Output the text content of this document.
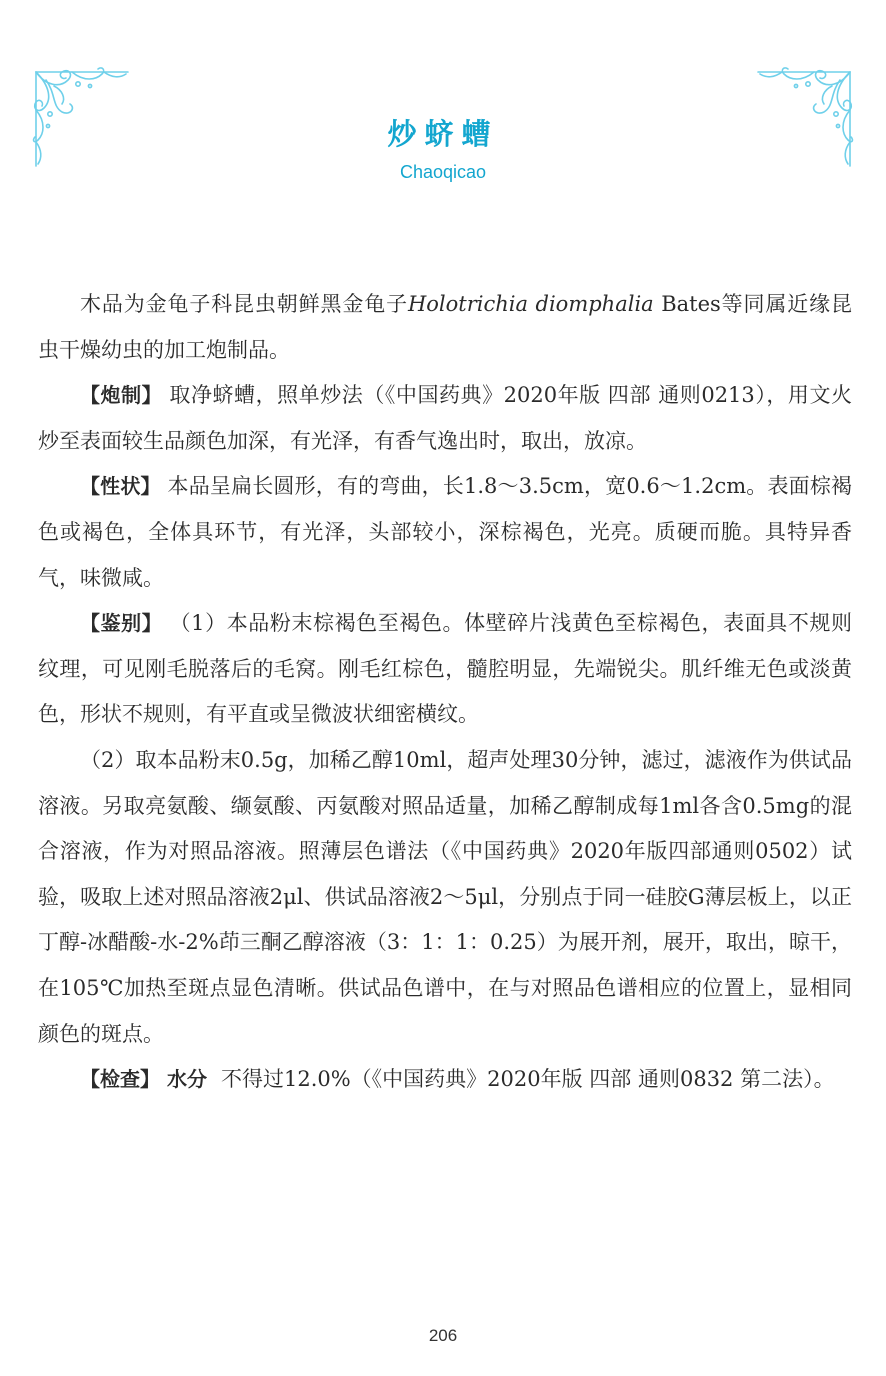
炒蛴螬
Chaoqicao

木品为金龟子科昆虫朝鲜黑金龟子Holotrichia diomphalia Bates等同属近缘昆虫干燥幼虫的加工炮制品。

【炮制】 取净蛴螬，照单炒法（《中国药典》2020年版 四部 通则0213），用文火炒至表面较生品颜色加深，有光泽，有香气逸出时，取出，放凉。

【性状】 本品呈扁长圆形，有的弯曲，长1.8～3.5cm，宽0.6～1.2cm。表面棕褐色或褐色，全体具环节，有光泽，头部较小，深棕褐色，光亮。质硬而脆。具特异香气，味微咸。

【鉴别】 （1）本品粉末棕褐色至褐色。体壁碎片浅黄色至棕褐色，表面具不规则纹理，可见刚毛脱落后的毛窝。刚毛红棕色，髓腔明显，先端锐尖。肌纤维无色或淡黄色，形状不规则，有平直或呈微波状细密横纹。

（2）取本品粉末0.5g，加稀乙醇10ml，超声处理30分钟，滤过，滤液作为供试品溶液。另取亮氨酸、缬氨酸、丙氨酸对照品适量，加稀乙醇制成每1ml各含0.5mg的混合溶液，作为对照品溶液。照薄层色谱法（《中国药典》2020年版四部通则0502）试验，吸取上述对照品溶液2μl、供试品溶液2～5μl，分别点于同一硅胶G薄层板上，以正丁醇-冰醋酸-水-2%茚三酮乙醇溶液（3：1：1：0.25）为展开剂，展开，取出，晾干，在105℃加热至斑点显色清晰。供试品色谱中，在与对照品色谱相应的位置上，显相同颜色的斑点。

【检查】 水分 不得过12.0%（《中国药典》2020年版 四部 通则0832 第二法）。

206
